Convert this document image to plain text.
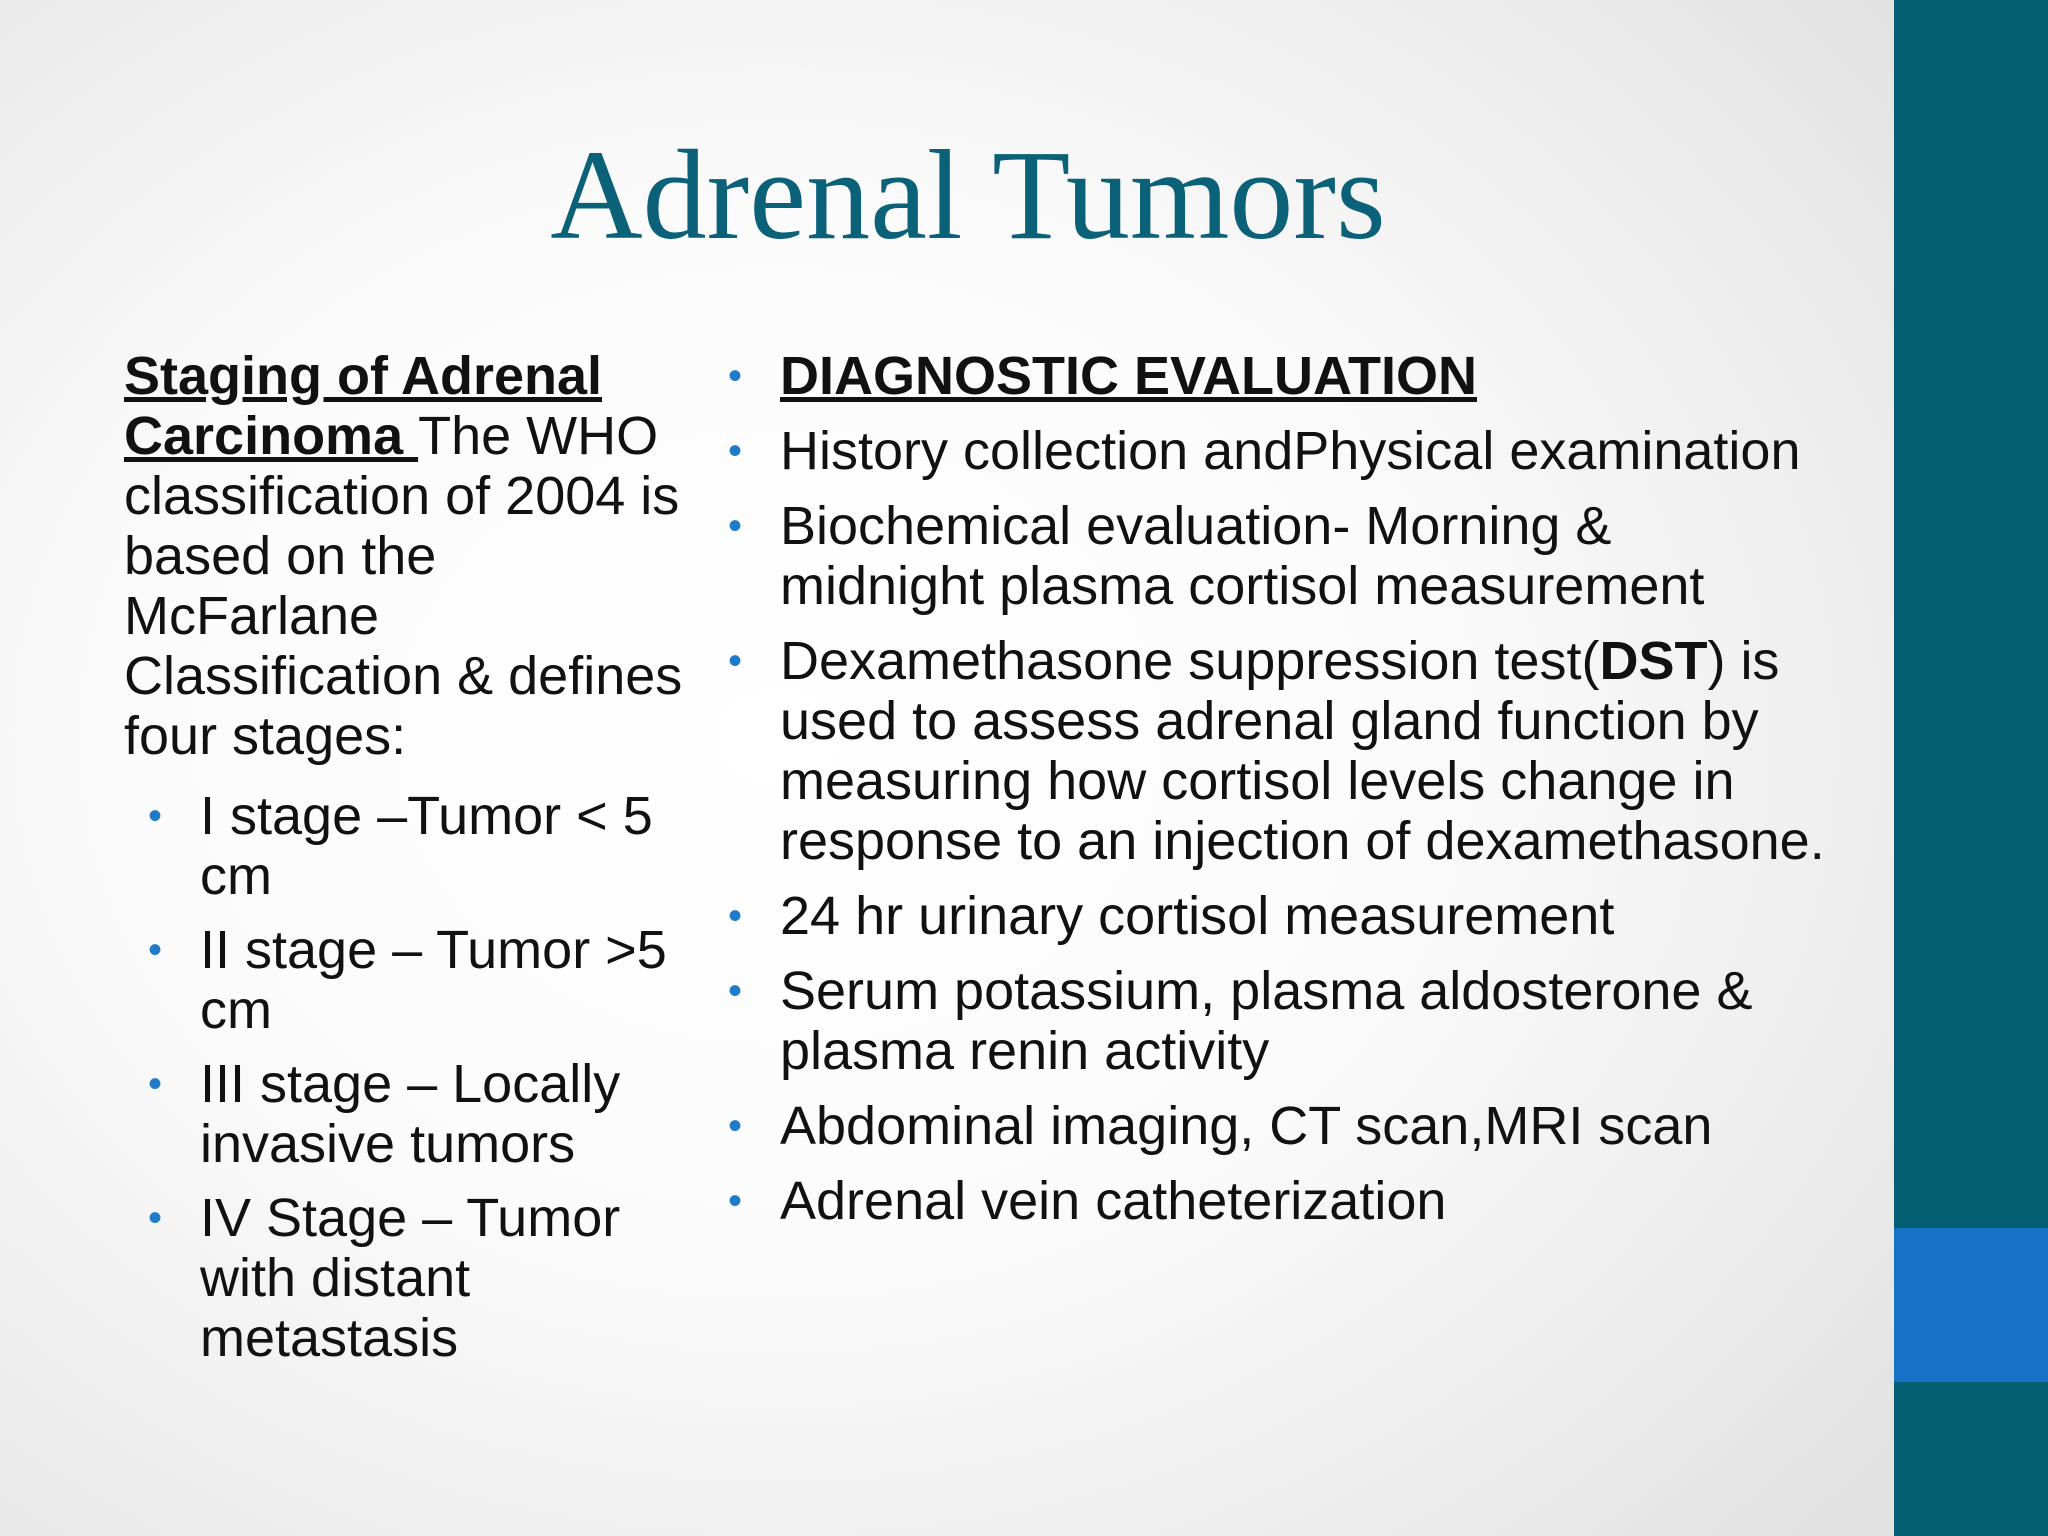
Adrenal Tumors

Staging of Adrenal Carcinoma The WHO classification of 2004 is based on the McFarlane Classification & defines four stages:

• I stage –Tumor < 5 cm
• II stage – Tumor >5 cm
• III stage – Locally invasive tumors
• IV Stage – Tumor with distant metastasis
• DIAGNOSTIC EVALUATION
• History collection andPhysical examination
• Biochemical evaluation- Morning &
midnight plasma cortisol measurement
• Dexamethasone suppression test(DST) is
used to assess adrenal gland function by
measuring how cortisol levels change in
response to an injection of dexamethasone.
• 24 hr urinary cortisol measurement
• Serum potassium, plasma aldosterone &
plasma renin activity
• Abdominal imaging, CT scan,MRI scan
• Adrenal vein catheterization
